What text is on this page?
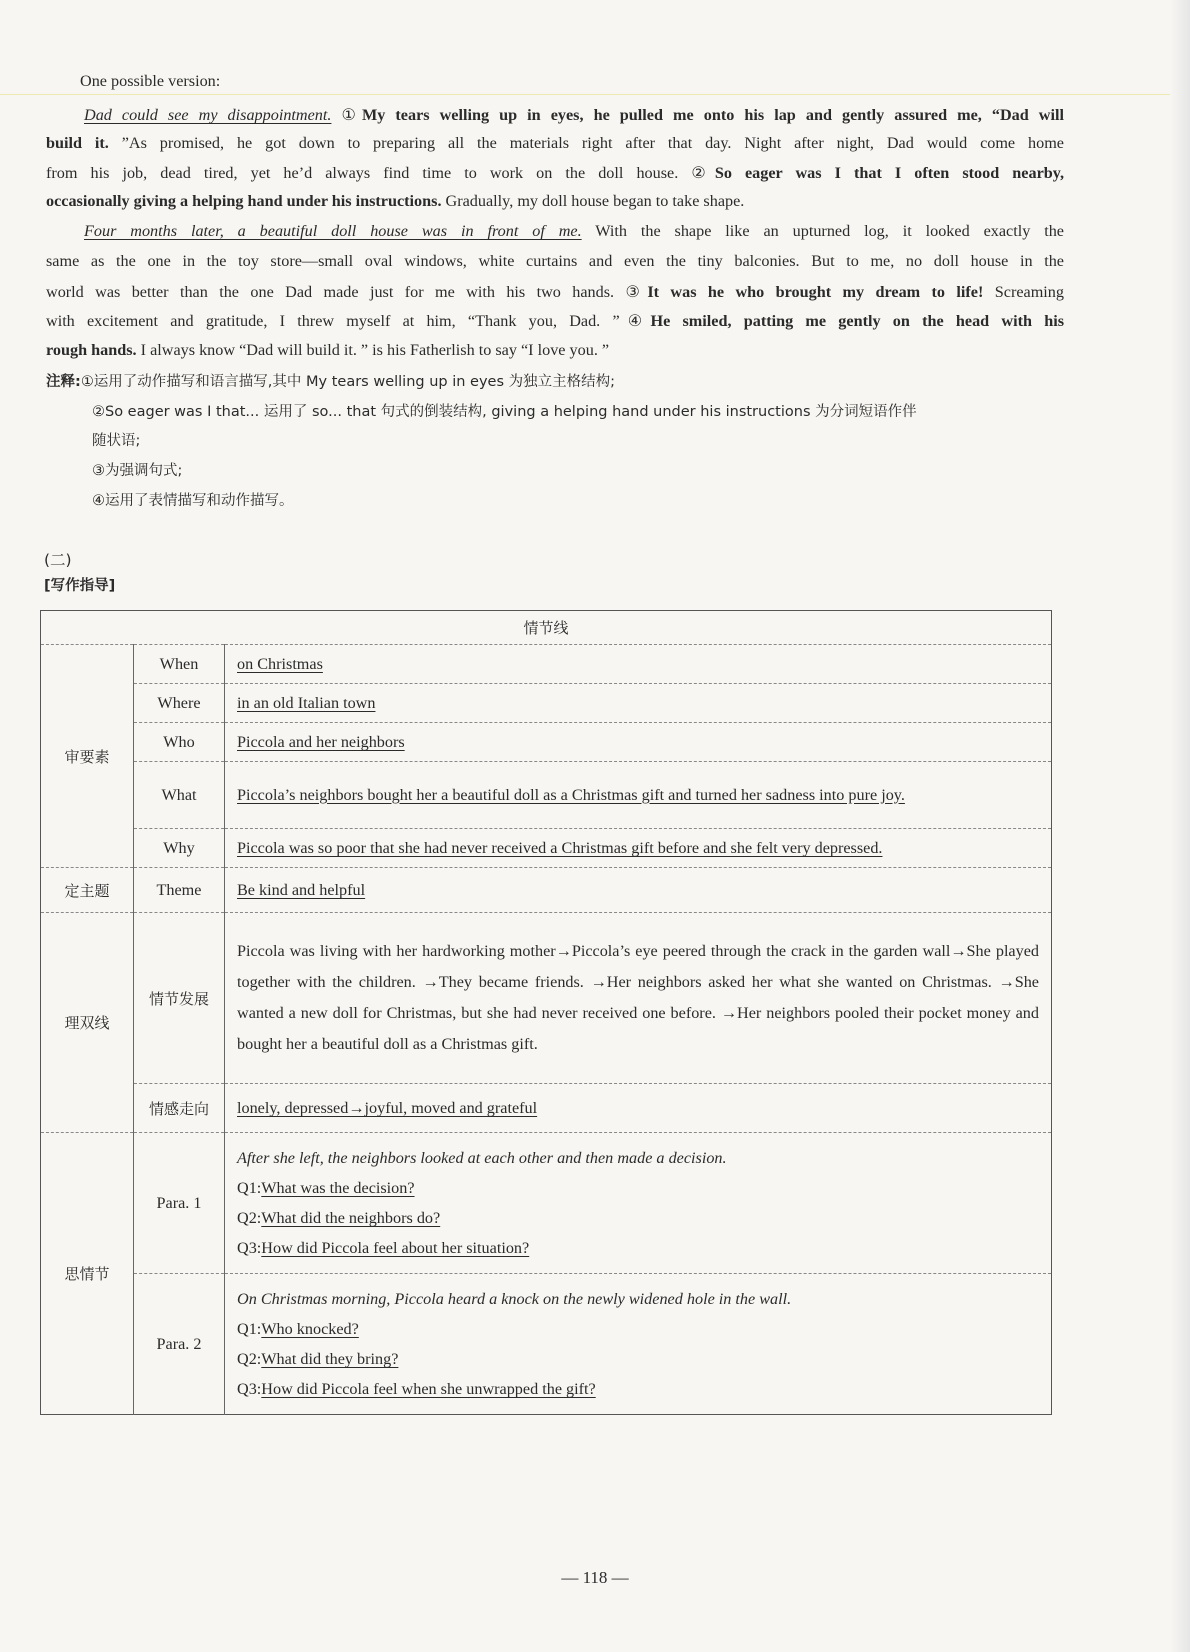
One possible version:
Dad could see my disappointment. ①My tears welling up in eyes, he pulled me onto his lap and gently assured me, “Dad will
build it. ”As promised, he got down to preparing all the materials right after that day. Night after night, Dad would come home
from his job, dead tired, yet he’d always find time to work on the doll house. ②So eager was I that I often stood nearby,
occasionally giving a helping hand under his instructions. Gradually, my doll house began to take shape.
Four months later, a beautiful doll house was in front of me. With the shape like an upturned log, it looked exactly the
same as the one in the toy store—small oval windows, white curtains and even the tiny balconies. But to me, no doll house in the
world was better than the one Dad made just for me with his two hands. ③It was he who brought my dream to life! Screaming
with excitement and gratitude, I threw myself at him, “Thank you, Dad. ”④He smiled, patting me gently on the head with his
rough hands. I always know “Dad will build it. ” is his Fatherlish to say “I love you. ”
注释:①运用了动作描写和语言描写,其中 My tears welling up in eyes 为独立主格结构;
②So eager was I that... 运用了 so... that 句式的倒装结构, giving a helping hand under his instructions 为分词短语作伴
随状语;
③为强调句式;
④运用了表情描写和动作描写。
(二)
[写作指导]
情节线		
审要素	When	on Christmas
	Where	in an old Italian town
	Who	Piccola and her neighbors
	What	Piccola’s neighbors bought her a beautiful doll as a Christmas gift and turned her sadness into pure joy.

	Why	Piccola was so poor that she had never received a Christmas gift before and she felt very depressed.
定主题	Theme	Be kind and helpful
理双线	情节发展	Piccola was living with her hardworking mother→Piccola’s eye peered through the crack in the garden wall→She played together with the children. →They became friends. →Her neighbors asked her what she wanted on Christmas. →She wanted a new doll for Christmas, but she had never received one before. →Her neighbors pooled their pocket money and bought her a beautiful doll as a Christmas gift.

	情感走向	lonely, depressed→joyful, moved and grateful
思情节	Para. 1	After she left, the neighbors looked at each other and then made a decision.
Q1:What was the decision?
Q2:What did the neighbors do?
Q3:How did Piccola feel about her situation?

	Para. 2	On Christmas morning, Piccola heard a knock on the newly widened hole in the wall.
Q1:Who knocked?
Q2:What did they bring?
Q3:How did Piccola feel when she unwrapped the gift?
— 118 —
